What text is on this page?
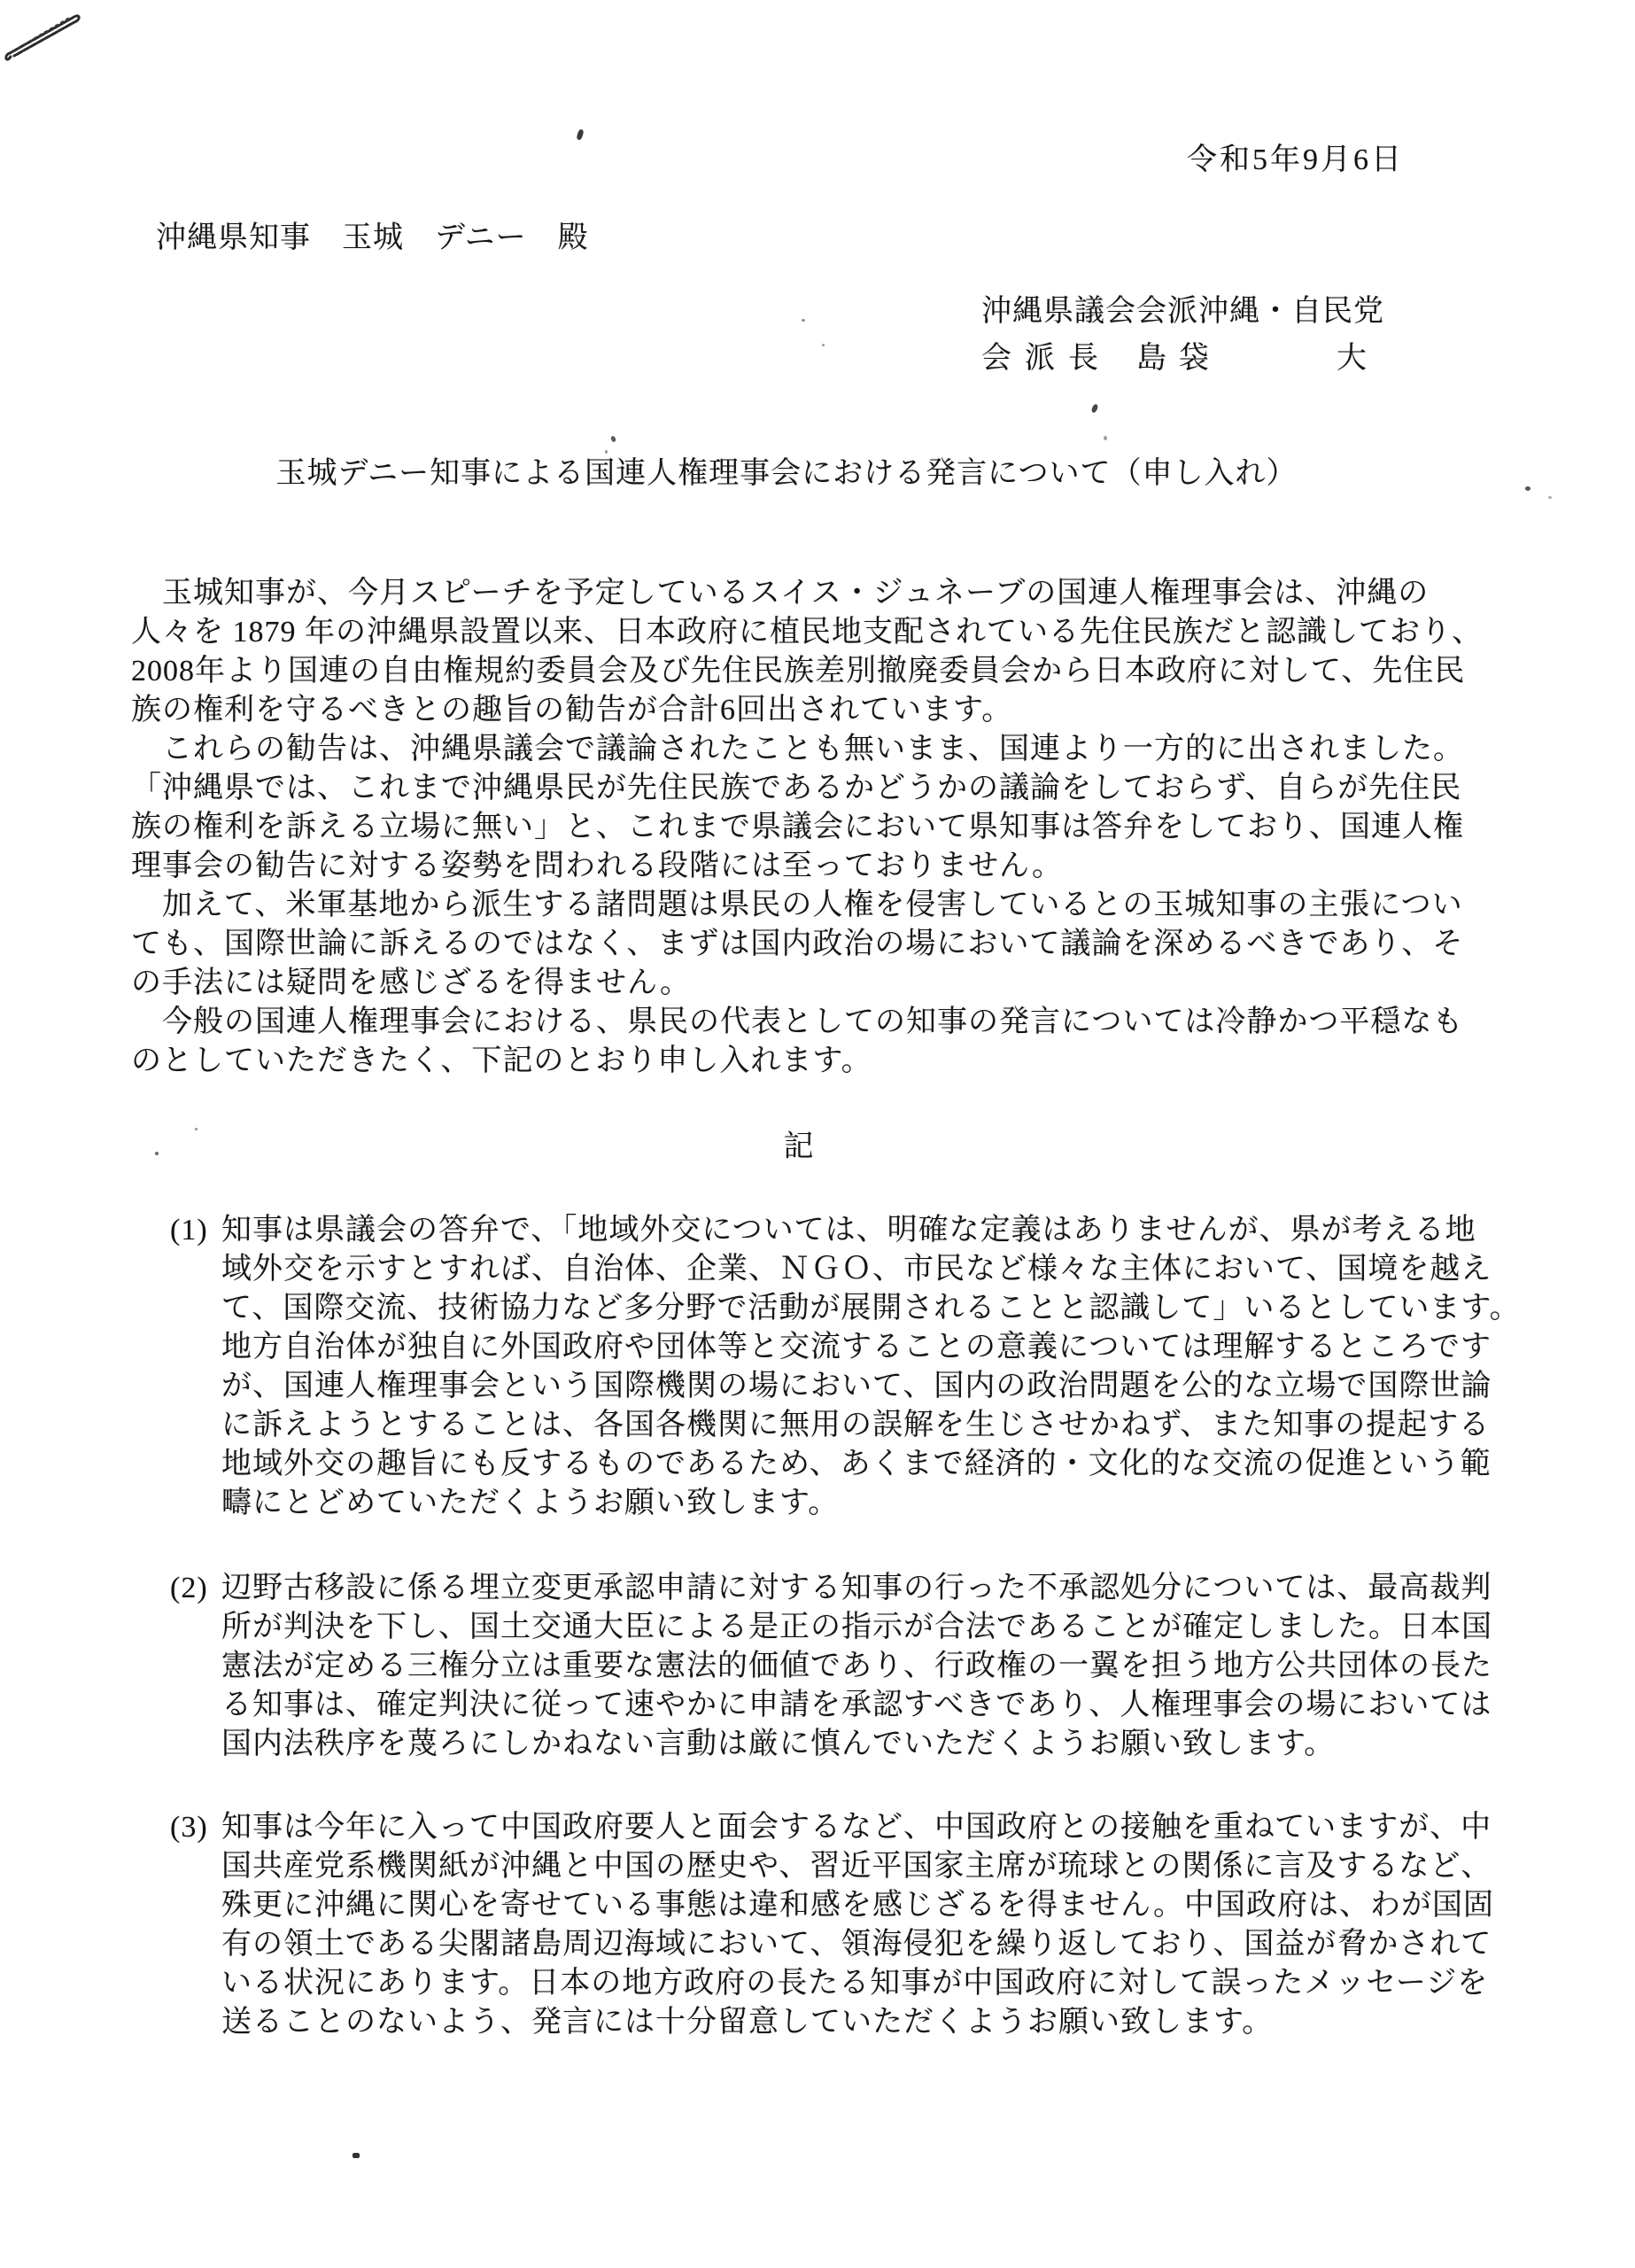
令和5年9月6日
沖縄県知事　玉城　デニー　殿
沖縄県議会会派沖縄・自民党
会派長 島袋	大
玉城デニー知事による国連人権理事会における発言について（申し入れ）
　玉城知事が、今月スピーチを予定しているスイス・ジュネーブの国連人権理事会は、沖縄の
人々を 1879 年の沖縄県設置以来、日本政府に植民地支配されている先住民族だと認識しており、
2008年より国連の自由権規約委員会及び先住民族差別撤廃委員会から日本政府に対して、先住民
族の権利を守るべきとの趣旨の勧告が合計6回出されています。
　これらの勧告は、沖縄県議会で議論されたことも無いまま、国連より一方的に出されました。
「沖縄県では、これまで沖縄県民が先住民族であるかどうかの議論をしておらず、自らが先住民
族の権利を訴える立場に無い」と、これまで県議会において県知事は答弁をしており、国連人権
理事会の勧告に対する姿勢を問われる段階には至っておりません。
　加えて、米軍基地から派生する諸問題は県民の人権を侵害しているとの玉城知事の主張につい
ても、国際世論に訴えるのではなく、まずは国内政治の場において議論を深めるべきであり、そ
の手法には疑問を感じざるを得ません。
　今般の国連人権理事会における、県民の代表としての知事の発言については冷静かつ平穏なも
のとしていただきたく、下記のとおり申し入れます。
記
(1) 知事は県議会の答弁で、「地域外交については、明確な定義はありませんが、県が考える地
域外交を示すとすれば、自治体、企業、ＮＧＯ、市民など様々な主体において、国境を越え
て、国際交流、技術協力など多分野で活動が展開されることと認識して」いるとしています。
地方自治体が独自に外国政府や団体等と交流することの意義については理解するところです
が、国連人権理事会という国際機関の場において、国内の政治問題を公的な立場で国際世論
に訴えようとすることは、各国各機関に無用の誤解を生じさせかねず、また知事の提起する
地域外交の趣旨にも反するものであるため、あくまで経済的・文化的な交流の促進という範
疇にとどめていただくようお願い致します。
(2) 辺野古移設に係る埋立変更承認申請に対する知事の行った不承認処分については、最高裁判
所が判決を下し、国土交通大臣による是正の指示が合法であることが確定しました。日本国
憲法が定める三権分立は重要な憲法的価値であり、行政権の一翼を担う地方公共団体の長た
る知事は、確定判決に従って速やかに申請を承認すべきであり、人権理事会の場においては
国内法秩序を蔑ろにしかねない言動は厳に慎んでいただくようお願い致します。
(3) 知事は今年に入って中国政府要人と面会するなど、中国政府との接触を重ねていますが、中
国共産党系機関紙が沖縄と中国の歴史や、習近平国家主席が琉球との関係に言及するなど、
殊更に沖縄に関心を寄せている事態は違和感を感じざるを得ません。中国政府は、わが国固
有の領土である尖閣諸島周辺海域において、領海侵犯を繰り返しており、国益が脅かされて
いる状況にあります。日本の地方政府の長たる知事が中国政府に対して誤ったメッセージを
送ることのないよう、発言には十分留意していただくようお願い致します。
